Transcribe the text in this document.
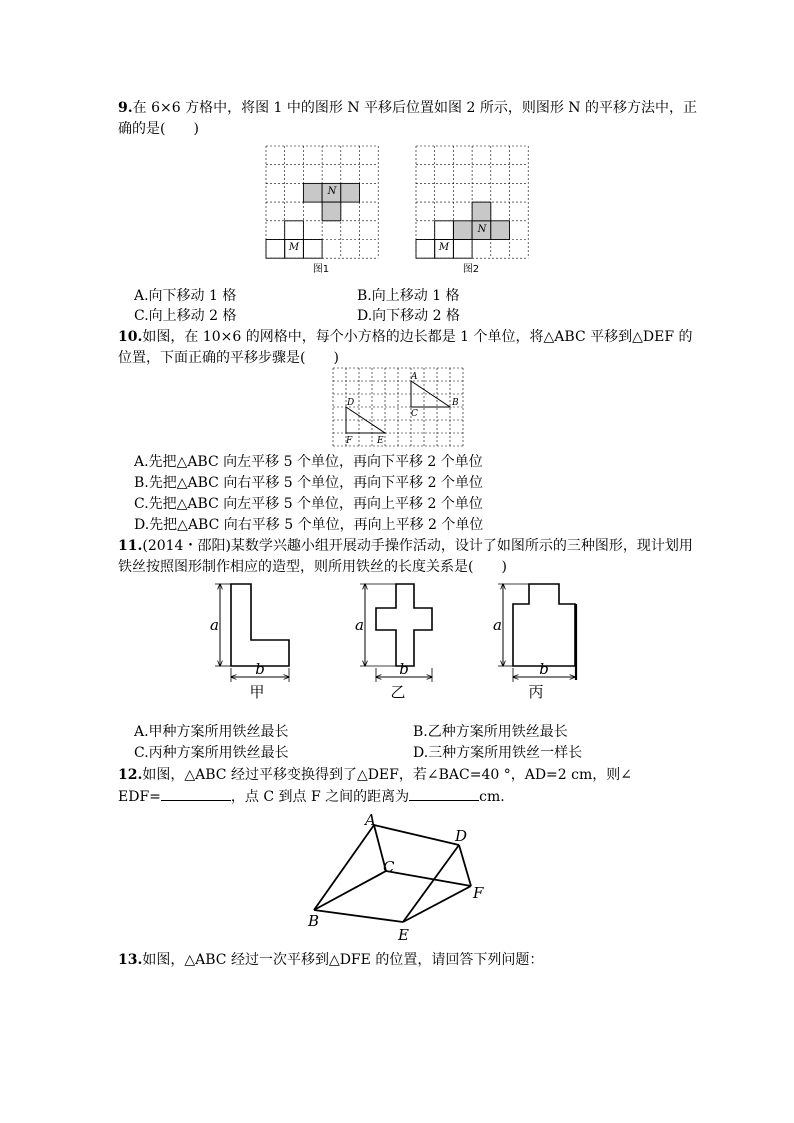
9.在 6×6 方格中，将图 1 中的图形 N 平移后位置如图 2 所示，则图形 N 的平移方法中，正
确的是(　　)
N
M
图1
N
M
图2
A.向下移动 1 格	B.向上移动 1 格
C.向上移动 2 格	D.向下移动 2 格
10.如图，在 10×6 的网格中，每个小方格的边长都是 1 个单位，将△ABC 平移到△DEF 的
位置，下面正确的平移步骤是(　　)
A
B
C
D
E
F
A.先把△ABC 向左平移 5 个单位，再向下平移 2 个单位
B.先把△ABC 向右平移 5 个单位，再向下平移 2 个单位
C.先把△ABC 向左平移 5 个单位，再向上平移 2 个单位
D.先把△ABC 向右平移 5 个单位，再向上平移 2 个单位
11.(2014・邵阳)某数学兴趣小组开展动手操作活动，设计了如图所示的三种图形，现计划用
铁丝按照图形制作相应的造型，则所用铁丝的长度关系是(　　)
a
b
甲
a
b
乙
a
b
丙
A.甲种方案所用铁丝最长	B.乙种方案所用铁丝最长
C.丙种方案所用铁丝最长	D.三种方案所用铁丝一样长
12.如图，△ABC 经过平移变换得到了△DEF，若∠BAC=40 °，AD=2 cm，则∠
EDF=	，点 C 到点 F 之间的距离为	cm.
A
D
C
F
B
E
13.如图，△ABC 经过一次平移到△DFE 的位置，请回答下列问题：
